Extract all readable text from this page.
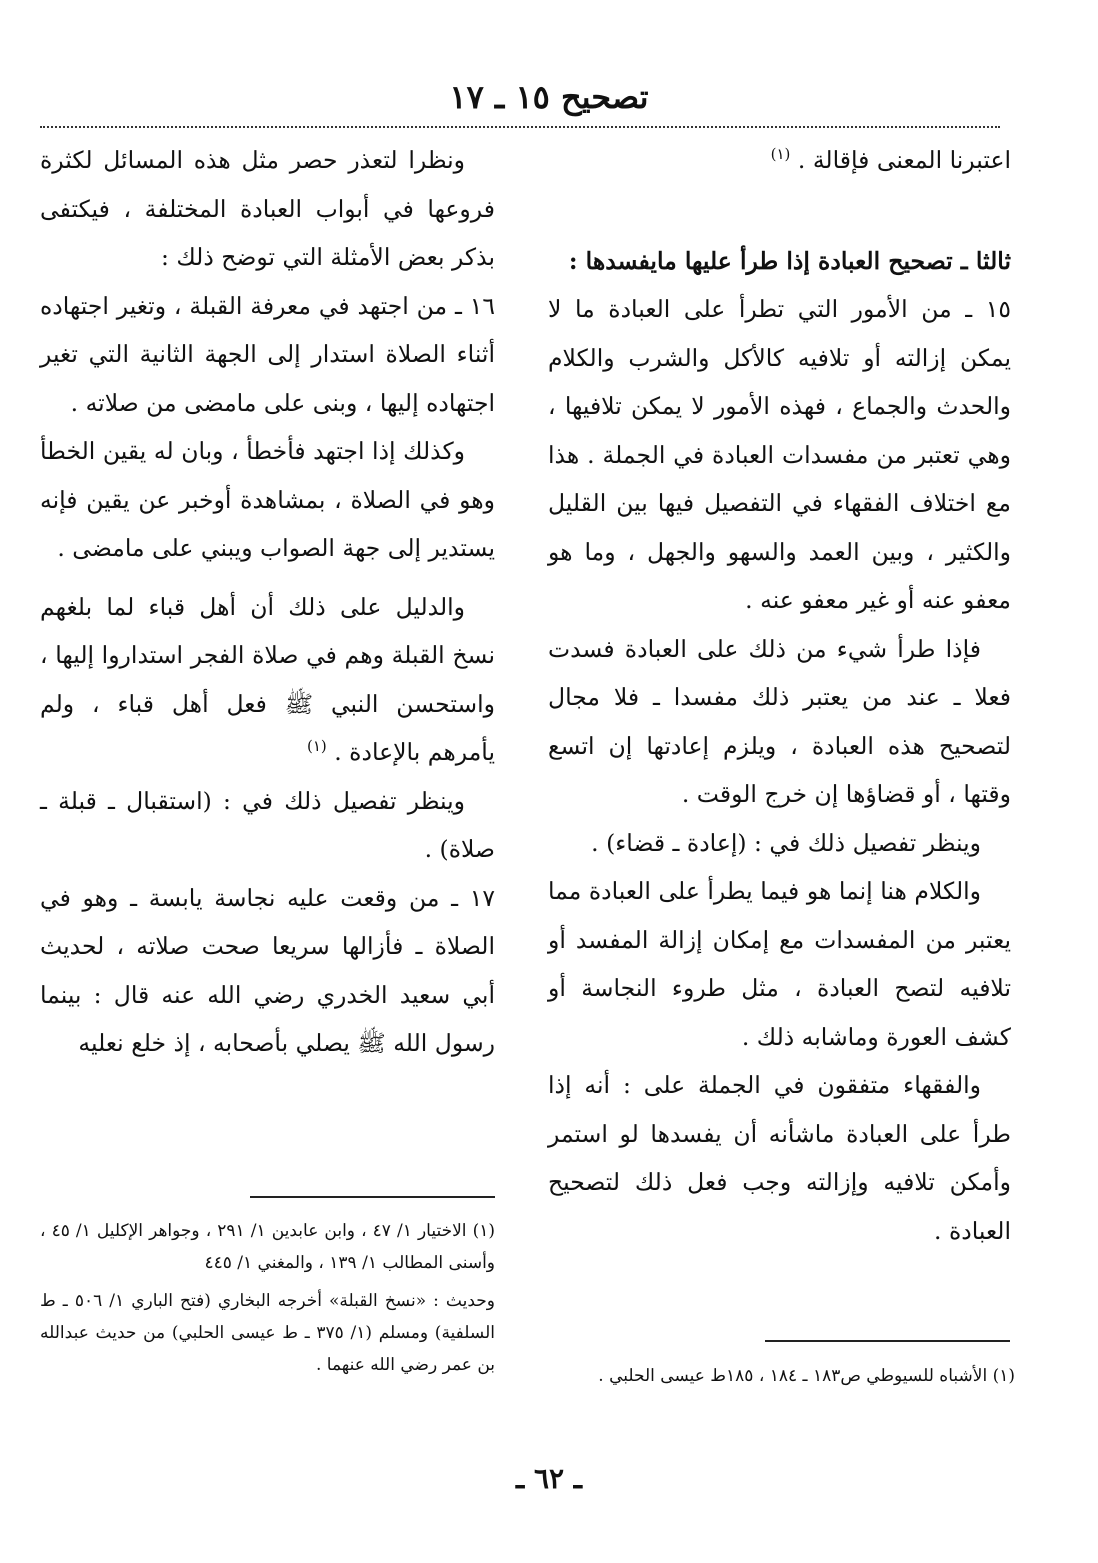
تصحيح ١٥ ـ ١٧

اعتبرنا المعنى فإقالة . $^{(١)}$

ثالثا ـ تصحيح العبادة إذا طرأ عليها مايفسدها :

١٥ ـ من الأمور التي تطرأ على العبادة ما لا يمكن إزالته أو تلافيه كالأكل والشرب والكلام والحدث والجماع ، فهذه الأمور لا يمكن تلافيها ، وهي تعتبر من مفسدات العبادة في الجملة . هذا مع اختلاف الفقهاء في التفصيل فيها بين القليل والكثير ، وبين العمد والسهو والجهل ، وما هو معفو عنه أو غير معفو عنه .

فإذا طرأ شيء من ذلك على العبادة فسدت فعلا ـ عند من يعتبر ذلك مفسدا ـ فلا مجال لتصحيح هذه العبادة ، ويلزم إعادتها إن اتسع وقتها ، أو قضاؤها إن خرج الوقت .

وينظر تفصيل ذلك في : (إعادة ـ قضاء) .

والكلام هنا إنما هو فيما يطرأ على العبادة مما يعتبر من المفسدات مع إمكان إزالة المفسد أو تلافيه لتصح العبادة ، مثل طروء النجاسة أو كشف العورة وماشابه ذلك .

والفقهاء متفقون في الجملة على : أنه إذا طرأ على العبادة ماشأنه أن يفسدها لو استمر وأمكن تلافيه وإزالته وجب فعل ذلك لتصحيح العبادة .

ونظرا لتعذر حصر مثل هذه المسائل لكثرة فروعها في أبواب العبادة المختلفة ، فيكتفى بذكر بعض الأمثلة التي توضح ذلك :

١٦ ـ من اجتهد في معرفة القبلة ، وتغير اجتهاده أثناء الصلاة استدار إلى الجهة الثانية التي تغير اجتهاده إليها ، وبنى على مامضى من صلاته .

وكذلك إذا اجتهد فأخطأ ، وبان له يقين الخطأ وهو في الصلاة ، بمشاهدة أوخبر عن يقين فإنه يستدير إلى جهة الصواب ويبني على مامضى .

والدليل على ذلك أن أهل قباء لما بلغهم نسخ القبلة وهم في صلاة الفجر استداروا إليها ، واستحسن النبي ﷺ فعل أهل قباء ، ولم يأمرهم بالإعادة . $^{(١)}$

وينظر تفصيل ذلك في : (استقبال ـ قبلة ـ صلاة) .

١٧ ـ من وقعت عليه نجاسة يابسة ـ وهو في الصلاة ـ فأزالها سريعا صحت صلاته ، لحديث أبي سعيد الخدري رضي الله عنه قال : بينما رسول الله ﷺ يصلي بأصحابه ، إذ خلع نعليه

(١) الاختيار ١/ ٤٧ ، وابن عابدين ١/ ٢٩١ ، وجواهر الإكليل ١/ ٤٥ ، وأسنى المطالب ١/ ١٣٩ ، والمغني ١/ ٤٤٥

وحديث : «نسخ القبلة» أخرجه البخاري (فتح الباري ١/ ٥٠٦ ـ ط السلفية) ومسلم (١/ ٣٧٥ ـ ط عيسى الحلبي) من حديث عبدالله بن عمر رضي الله عنهما .

(١) الأشباه للسيوطي ص١٨٣ ـ ١٨٤ ، ١٨٥ط عيسى الحلبي .

ـ ٦٢ ـ
